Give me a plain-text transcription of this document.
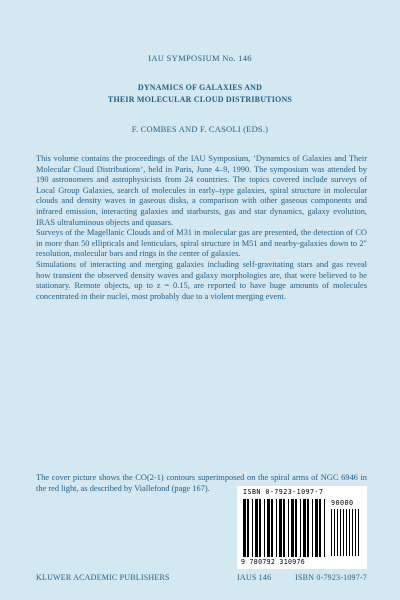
IAU SYMPOSIUM No. 146
DYNAMICS OF GALAXIES AND
THEIR MOLECULAR CLOUD DISTRIBUTIONS
F. COMBES AND F. CASOLI (EDS.)

This volume contains the proceedings of the IAU Symposium, ‘Dynamics of Galaxies and Their Molecular Cloud Distributions’, held in Paris, June 4–9, 1990. The symposium was attended by 190 astronomers and astrophysicists from 24 countries. The topics covered include surveys of Local Group Galaxies, search of molecules in early–type galaxies, spiral structure in molecular clouds and density waves in gaseous disks, a comparison with other gaseous components and infrared emission, interacting galaxies and starbursts, gas and star dynamics, galaxy evolution, IRAS ultraluminous objects and quasars.

Surveys of the Magellanic Clouds and of M31 in molecular gas are presented, the detection of CO in more than 50 ellipticals and lenticulars, spiral structure in M51 and nearby-galaxies down to 2″ resolution, molecular bars and rings in the center of galaxies.

Simulations of interacting and merging galaxies including self-gravitating stars and gas reveal how transient the observed density waves and galaxy morphologies are, that were believed to be stationary. Remote objects, up to z = 0.15, are reported to have huge amounts of molecules concentrated in their nuclei, most probably due to a violent merging event.

The cover picture shows the CO(2-1) contours superimposed on the spiral arms of NGC 6946 in the red light, as described by Viallefond (page 167).	ISBN 0-7923-1097-7
90000
9 780792 310976
KLUWER ACADEMIC PUBLISHERS	IAUS 146	ISBN 0-7923-1097-7
